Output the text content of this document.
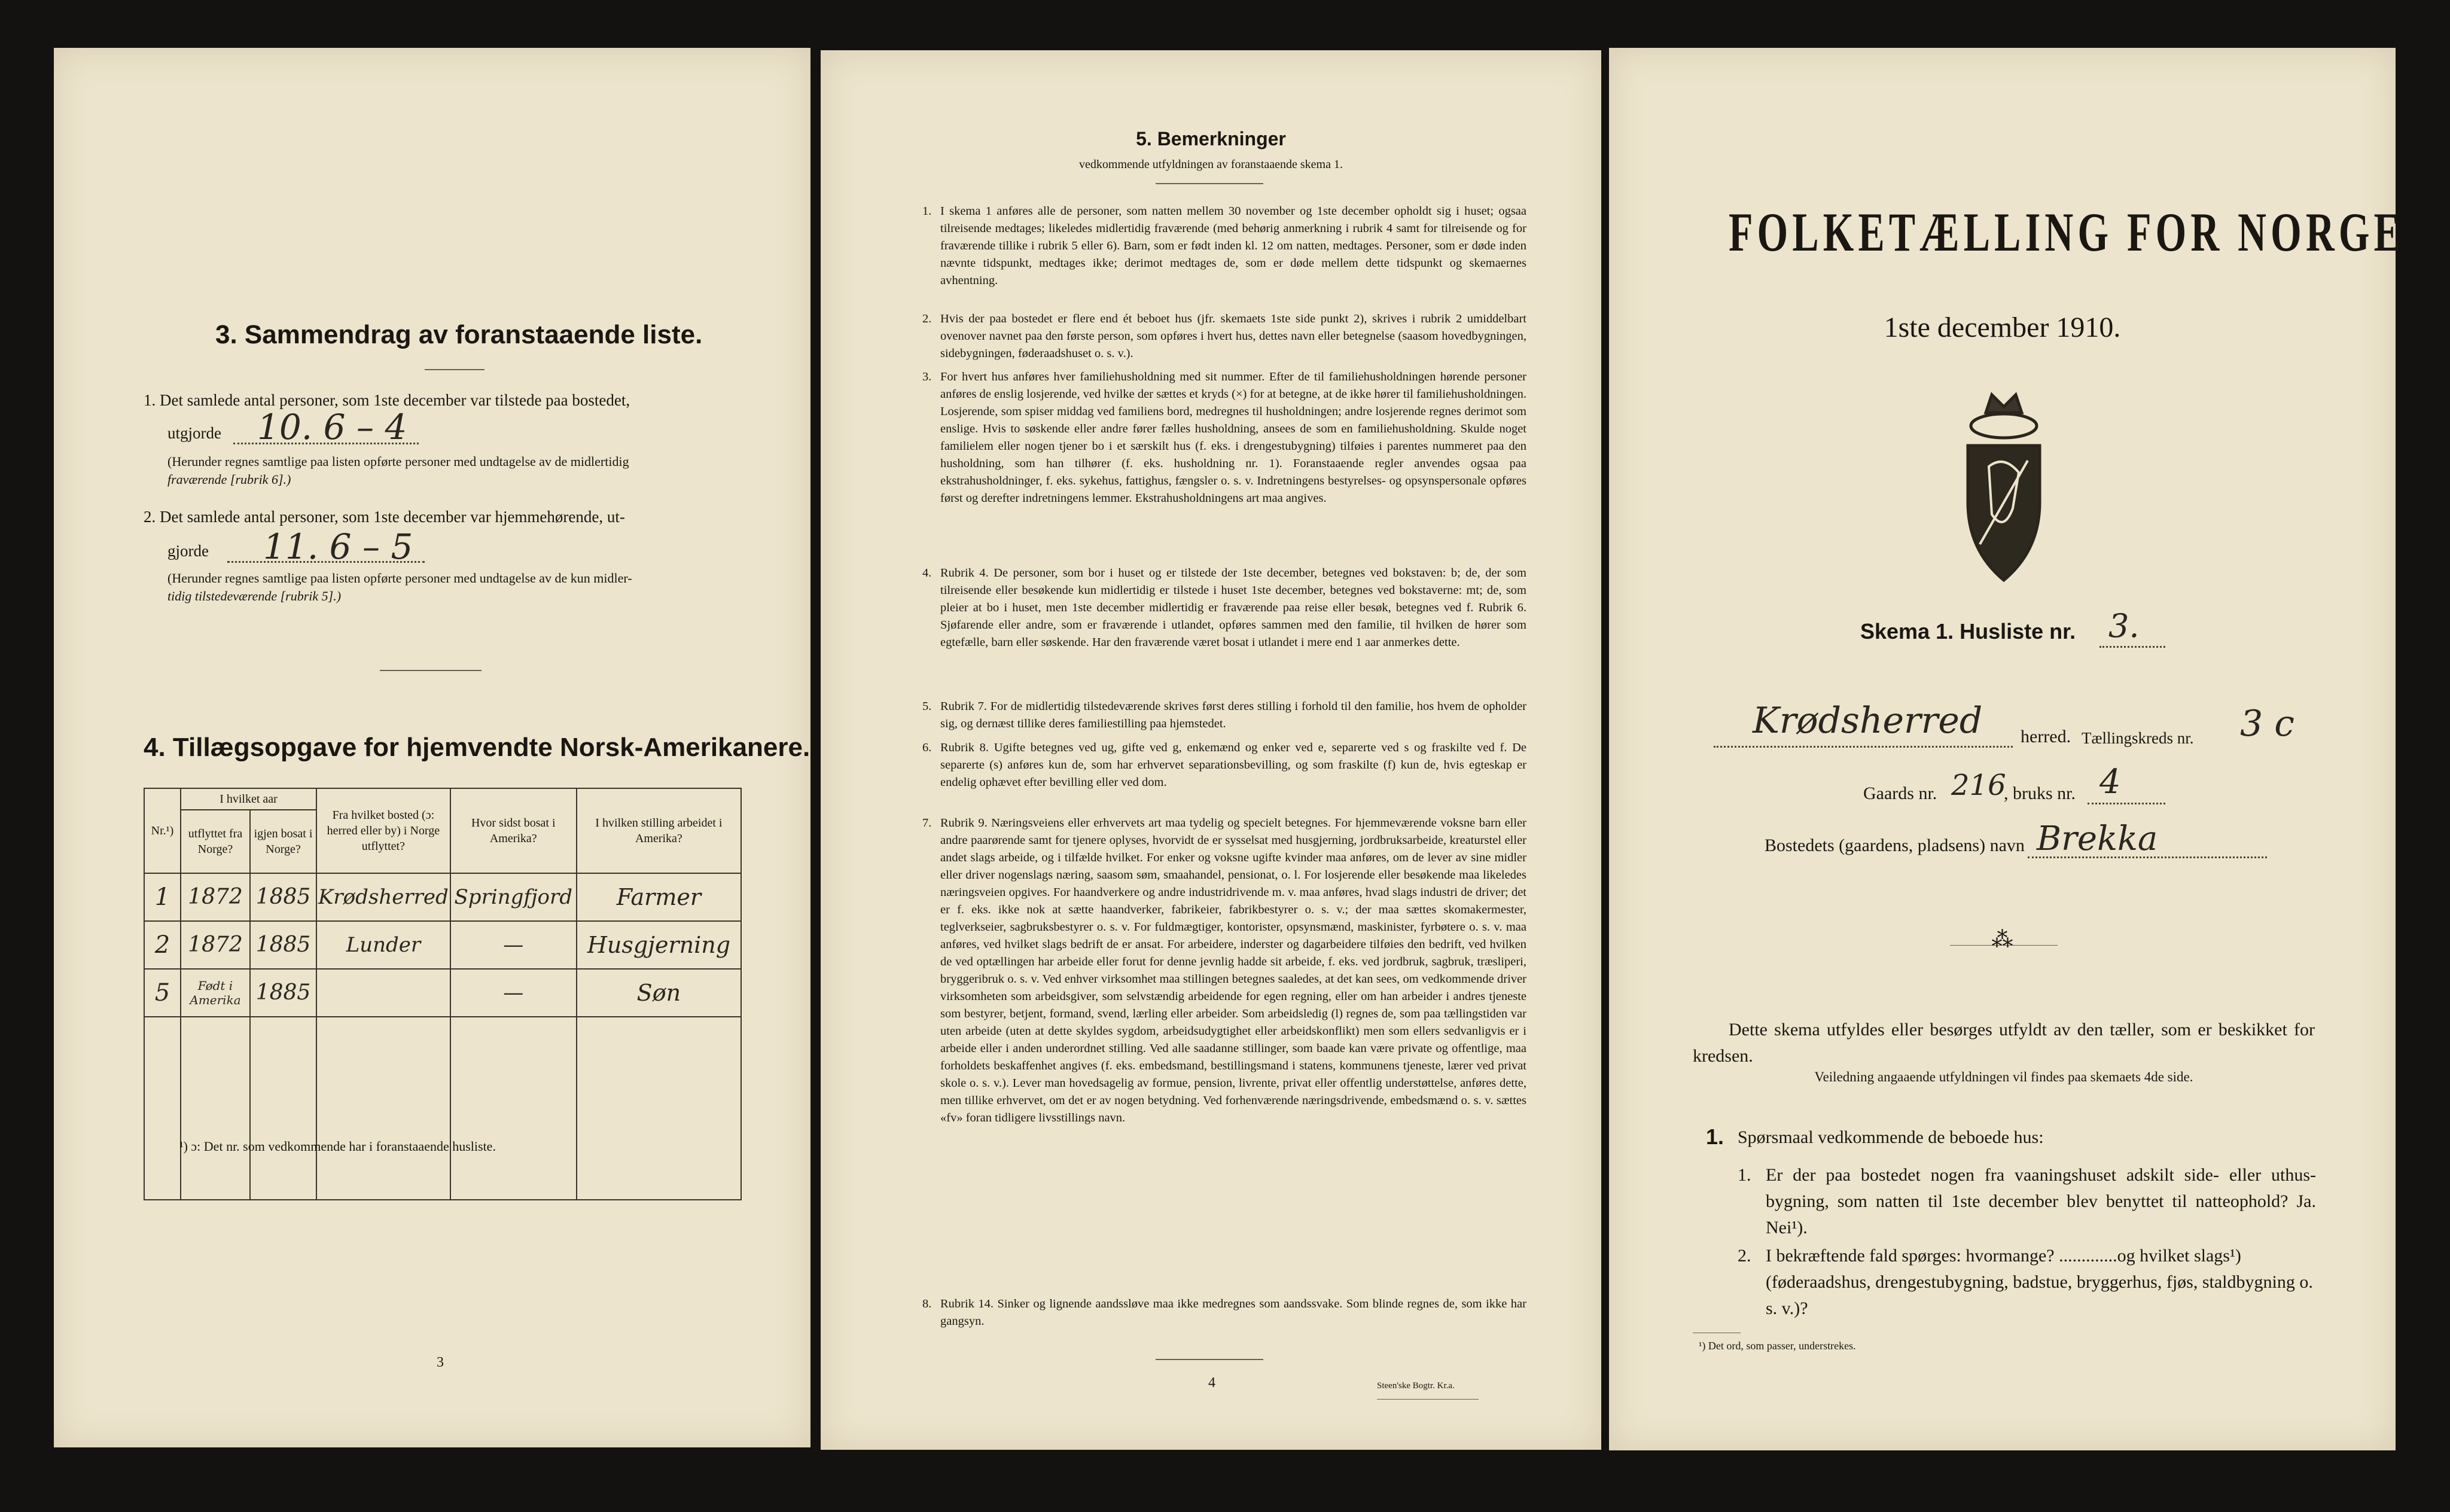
3. Sammendrag av foranstaaende liste.
1. Det samlede antal personer, som 1ste december var tilstede paa bostedet,
utgjorde 10. 6 – 4
(Herunder regnes samtlige paa listen opførte personer med undtagelse av de midlertidig
fraværende [rubrik 6].)
2. Det samlede antal personer, som 1ste december var hjemmehørende, ut-
gjorde 11. 6 – 5
(Herunder regnes samtlige paa listen opførte personer med undtagelse av de kun midler-
tidig tilstedeværende [rubrik 5].)
4. Tillægsopgave for hjemvendte Norsk-Amerikanere.
Nr.¹)	I hvilket aar		Fra hvilket bosted (ɔ: herred eller by) i Norge utflyttet?	Hvor sidst bosat i Amerika?	I hvilken stilling arbeidet i Amerika?
	utflyttet fra Norge?	igjen bosat i Norge?			
1	1872	1885	Krødsherred	Springfjord	Farmer
2	1872	1885	Lunder	—	Husgjerning
5	Født i Amerika	1885		—	Søn

¹) ɔ: Det nr. som vedkommende har i foranstaaende husliste.
3
5. Bemerkninger
vedkommende utfyldningen av foranstaaende skema 1.
1. I skema 1 anføres alle de personer, som natten mellem 30 november og 1ste december opholdt sig i huset; ogsaa tilreisende medtages; likeledes midlertidig fraværende (med behørig anmerkning i rubrik 4 samt for tilreisende og for fraværende tillike i rubrik 5 eller 6). Barn, som er født inden kl. 12 om natten, medtages. Personer, som er døde inden nævnte tidspunkt, medtages ikke; derimot medtages de, som er døde mellem dette tidspunkt og skemaernes avhentning.
2. Hvis der paa bostedet er flere end ét beboet hus (jfr. skemaets 1ste side punkt 2), skrives i rubrik 2 umiddelbart ovenover navnet paa den første person, som opføres i hvert hus, dettes navn eller betegnelse (saasom hovedbygningen, sidebygningen, føderaadshuset o. s. v.).
3. For hvert hus anføres hver familiehusholdning med sit nummer. Efter de til familiehusholdningen hørende personer anføres de enslig losjerende, ved hvilke der sættes et kryds (×) for at betegne, at de ikke hører til familiehusholdningen. Losjerende, som spiser middag ved familiens bord, medregnes til husholdningen; andre losjerende regnes derimot som enslige. Hvis to søskende eller andre fører fælles husholdning, ansees de som en familiehusholdning. Skulde noget familielem eller nogen tjener bo i et særskilt hus (f. eks. i drengestubygning) tilføies i parentes nummeret paa den husholdning, som han tilhører (f. eks. husholdning nr. 1). Foranstaaende regler anvendes ogsaa paa ekstrahusholdninger, f. eks. sykehus, fattighus, fængsler o. s. v. Indretningens bestyrelses- og opsynspersonale opføres først og derefter indretningens lemmer. Ekstrahusholdningens art maa angives.
4. Rubrik 4. De personer, som bor i huset og er tilstede der 1ste december, betegnes ved bokstaven: b; de, der som tilreisende eller besøkende kun midlertidig er tilstede i huset 1ste december, betegnes ved bokstaverne: mt; de, som pleier at bo i huset, men 1ste december midlertidig er fraværende paa reise eller besøk, betegnes ved f. Rubrik 6. Sjøfarende eller andre, som er fraværende i utlandet, opføres sammen med den familie, til hvilken de hører som egtefælle, barn eller søskende. Har den fraværende været bosat i utlandet i mere end 1 aar anmerkes dette.
5. Rubrik 7. For de midlertidig tilstedeværende skrives først deres stilling i forhold til den familie, hos hvem de opholder sig, og dernæst tillike deres familiestilling paa hjemstedet.
6. Rubrik 8. Ugifte betegnes ved ug, gifte ved g, enkemænd og enker ved e, separerte ved s og fraskilte ved f. De separerte (s) anføres kun de, som har erhvervet separationsbevilling, og som fraskilte (f) kun de, hvis egteskap er endelig ophævet efter bevilling eller ved dom.
7. Rubrik 9. Næringsveiens eller erhvervets art maa tydelig og specielt betegnes. For hjemmeværende voksne barn eller andre paarørende samt for tjenere oplyses, hvorvidt de er sysselsat med husgjerning, jordbruksarbeide, kreaturstel eller andet slags arbeide, og i tilfælde hvilket. For enker og voksne ugifte kvinder maa anføres, om de lever av sine midler eller driver nogenslags næring, saasom søm, smaahandel, pensionat, o. l. For losjerende eller besøkende maa likeledes næringsveien opgives. For haandverkere og andre industridrivende m. v. maa anføres, hvad slags industri de driver; det er f. eks. ikke nok at sætte haandverker, fabrikeier, fabrikbestyrer o. s. v.; der maa sættes skomakermester, teglverkseier, sagbruksbestyrer o. s. v. For fuldmægtiger, kontorister, opsynsmænd, maskinister, fyrbøtere o. s. v. maa anføres, ved hvilket slags bedrift de er ansat. For arbeidere, inderster og dagarbeidere tilføies den bedrift, ved hvilken de ved optællingen har arbeide eller forut for denne jevnlig hadde sit arbeide, f. eks. ved jordbruk, sagbruk, træsliperi, bryggeribruk o. s. v. Ved enhver virksomhet maa stillingen betegnes saaledes, at det kan sees, om vedkommende driver virksomheten som arbeidsgiver, som selvstændig arbeidende for egen regning, eller om han arbeider i andres tjeneste som bestyrer, betjent, formand, svend, lærling eller arbeider. Som arbeidsledig (l) regnes de, som paa tællingstiden var uten arbeide (uten at dette skyldes sygdom, arbeidsudygtighet eller arbeidskonflikt) men som ellers sedvanligvis er i arbeide eller i anden underordnet stilling. Ved alle saadanne stillinger, som baade kan være private og offentlige, maa forholdets beskaffenhet angives (f. eks. embedsmand, bestillingsmand i statens, kommunens tjeneste, lærer ved privat skole o. s. v.). Lever man hovedsagelig av formue, pension, livrente, privat eller offentlig understøttelse, anføres dette, men tillike erhvervet, om det er av nogen betydning. Ved forhenværende næringsdrivende, embedsmænd o. s. v. sættes «fv» foran tidligere livsstillings navn.
8. Rubrik 14. Sinker og lignende aandssløve maa ikke medregnes som aandssvake. Som blinde regnes de, som ikke har gangsyn.
4	Steen'ske Bogtr. Kr.a.
FOLKETÆLLING FOR NORGE
1ste december 1910.
Skema 1. Husliste nr. 3.
Krødsherred herred. Tællingskreds nr. 3 c
Gaards nr. 216
, bruks nr. 4
Bostedets (gaardens, pladsens) navn Brekka
⁂
Dette skema utfyldes eller besørges utfyldt av den tæller, som er beskikket for kredsen.
Veiledning angaaende utfyldningen vil findes paa skemaets 4de side.
1. Spørsmaal vedkommende de beboede hus:
1. Er der paa bostedet nogen fra vaaningshuset adskilt side- eller uthus-bygning, som natten til 1ste december blev benyttet til natteophold? Ja. Nei¹).
2. I bekræftende fald spørges: hvormange? .............og hvilket slags¹) (føderaadshus, drengestubygning, badstue, bryggerhus, fjøs, staldbygning o. s. v.)?
¹) Det ord, som passer, understrekes.
